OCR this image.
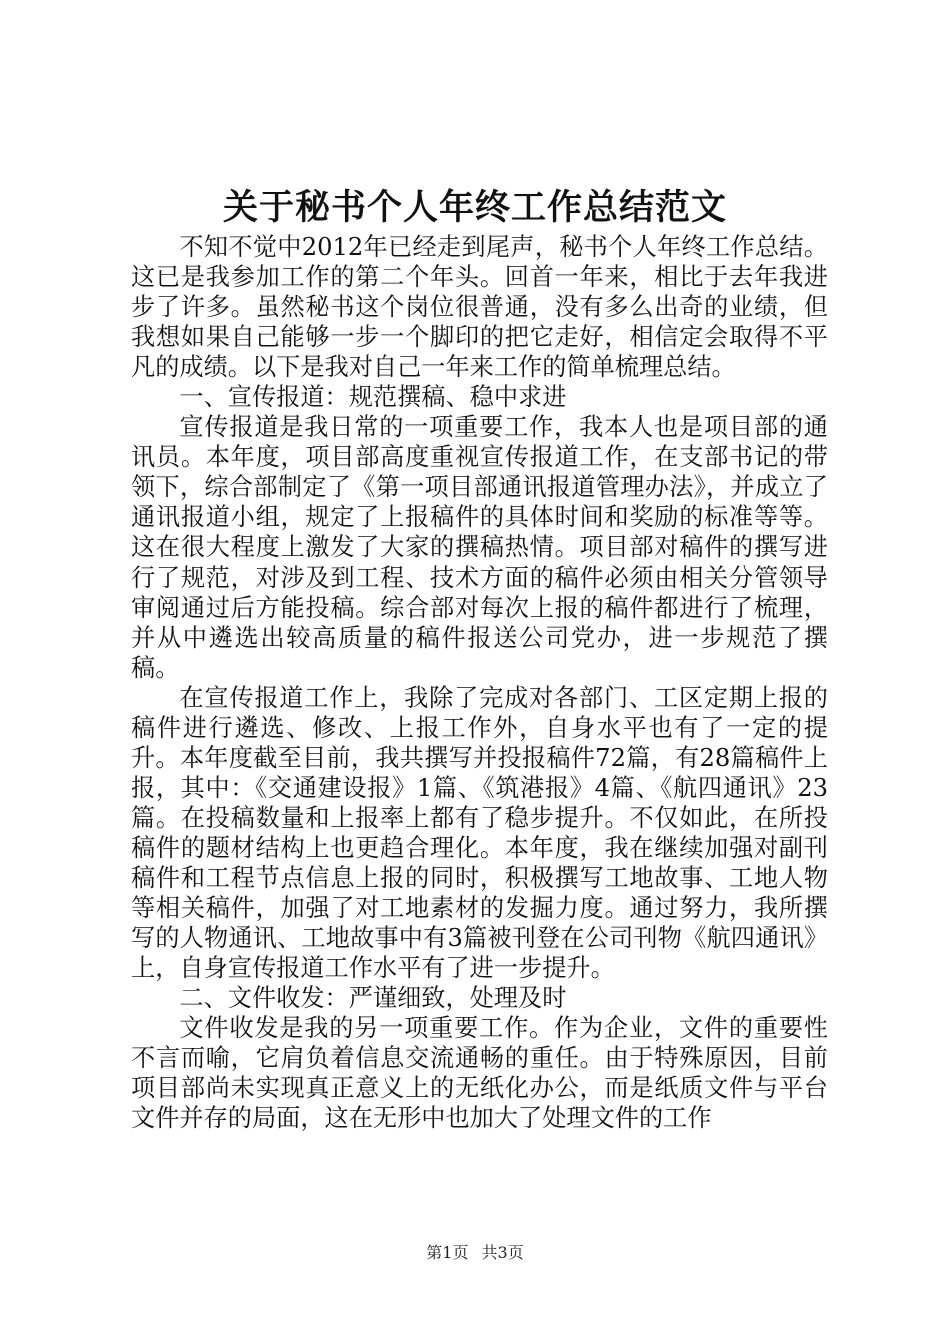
关于秘书个人年终工作总结范文

不知不觉中2012年已经走到尾声，秘书个人年终工作总结。这已是我参加工作的第二个年头。回首一年来，相比于去年我进步了许多。虽然秘书这个岗位很普通，没有多么出奇的业绩，但我想如果自己能够一步一个脚印的把它走好，相信定会取得不平凡的成绩。以下是我对自己一年来工作的简单梳理总结。

一、宣传报道：规范撰稿、稳中求进

宣传报道是我日常的一项重要工作，我本人也是项目部的通讯员。本年度，项目部高度重视宣传报道工作，在支部书记的带领下，综合部制定了《第一项目部通讯报道管理办法》，并成立了通讯报道小组，规定了上报稿件的具体时间和奖励的标准等等。这在很大程度上激发了大家的撰稿热情。项目部对稿件的撰写进行了规范，对涉及到工程、技术方面的稿件必须由相关分管领导审阅通过后方能投稿。综合部对每次上报的稿件都进行了梳理，并从中遴选出较高质量的稿件报送公司党办，进一步规范了撰稿。

在宣传报道工作上，我除了完成对各部门、工区定期上报的稿件进行遴选、修改、上报工作外，自身水平也有了一定的提升。本年度截至目前，我共撰写并投报稿件72篇，有28篇稿件上报，其中：《交通建设报》1篇、《筑港报》4篇、《航四通讯》23篇。在投稿数量和上报率上都有了稳步提升。不仅如此，在所投稿件的题材结构上也更趋合理化。本年度，我在继续加强对副刊稿件和工程节点信息上报的同时，积极撰写工地故事、工地人物等相关稿件，加强了对工地素材的发掘力度。通过努力，我所撰写的人物通讯、工地故事中有3篇被刊登在公司刊物《航四通讯》上，自身宣传报道工作水平有了进一步提升。

二、文件收发：严谨细致，处理及时

文件收发是我的另一项重要工作。作为企业，文件的重要性不言而喻，它肩负着信息交流通畅的重任。由于特殊原因，目前项目部尚未实现真正意义上的无纸化办公，而是纸质文件与平台文件并存的局面，这在无形中也加大了处理文件的工作

第1页 共3页
